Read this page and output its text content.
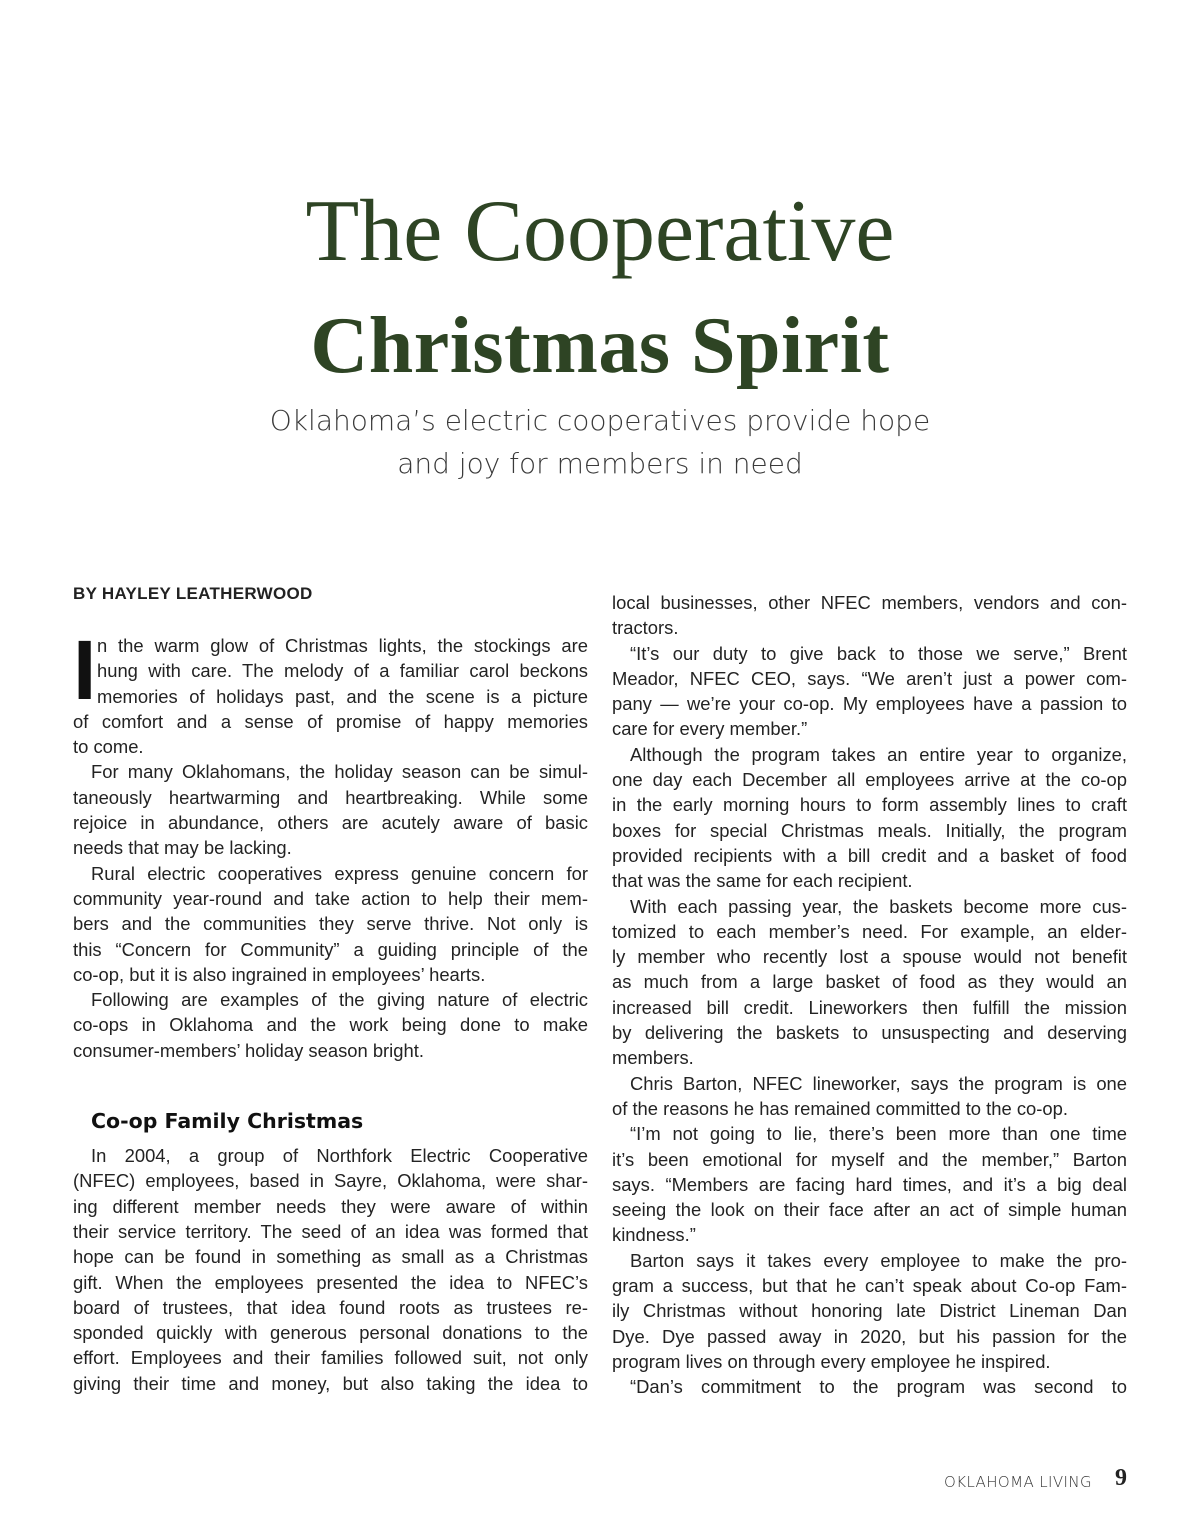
The Cooperative
Christmas Spirit
Oklahoma’s electric cooperatives provide hope
and joy for members in need
BY HAYLEY LEATHERWOOD
I n the warm glow of Christmas lights, the stockings are
hung with care. The melody of a familiar carol beckons
memories of holidays past, and the scene is a picture
of comfort and a sense of promise of happy memories
to come.
For many Oklahomans, the holiday season can be simul-
taneously heartwarming and heartbreaking. While some
rejoice in abundance, others are acutely aware of basic
needs that may be lacking.
Rural electric cooperatives express genuine concern for
community year-round and take action to help their mem-
bers and the communities they serve thrive. Not only is
this “Concern for Community” a guiding principle of the
co-op, but it is also ingrained in employees’ hearts.
Following are examples of the giving nature of electric
co-ops in Oklahoma and the work being done to make
consumer-members’ holiday season bright.
Co-op Family Christmas
In 2004, a group of Northfork Electric Cooperative
(NFEC) employees, based in Sayre, Oklahoma, were shar-
ing different member needs they were aware of within
their service territory. The seed of an idea was formed that
hope can be found in something as small as a Christmas
gift. When the employees presented the idea to NFEC’s
board of trustees, that idea found roots as trustees re-
sponded quickly with generous personal donations to the
effort. Employees and their families followed suit, not only
giving their time and money, but also taking the idea to
local businesses, other NFEC members, vendors and con-
tractors.
“It’s our duty to give back to those we serve,” Brent
Meador, NFEC CEO, says. “We aren’t just a power com-
pany — we’re your co-op. My employees have a passion to
care for every member.”
Although the program takes an entire year to organize,
one day each December all employees arrive at the co-op
in the early morning hours to form assembly lines to craft
boxes for special Christmas meals. Initially, the program
provided recipients with a bill credit and a basket of food
that was the same for each recipient.
With each passing year, the baskets become more cus-
tomized to each member’s need. For example, an elder-
ly member who recently lost a spouse would not benefit
as much from a large basket of food as they would an
increased bill credit. Lineworkers then fulfill the mission
by delivering the baskets to unsuspecting and deserving
members.
Chris Barton, NFEC lineworker, says the program is one
of the reasons he has remained committed to the co-op.
“I’m not going to lie, there’s been more than one time
it’s been emotional for myself and the member,” Barton
says. “Members are facing hard times, and it’s a big deal
seeing the look on their face after an act of simple human
kindness.”
Barton says it takes every employee to make the pro-
gram a success, but that he can’t speak about Co-op Fam-
ily Christmas without honoring late District Lineman Dan
Dye. Dye passed away in 2020, but his passion for the
program lives on through every employee he inspired.
“Dan’s commitment to the program was second to
OKLAHOMA LIVING 9
